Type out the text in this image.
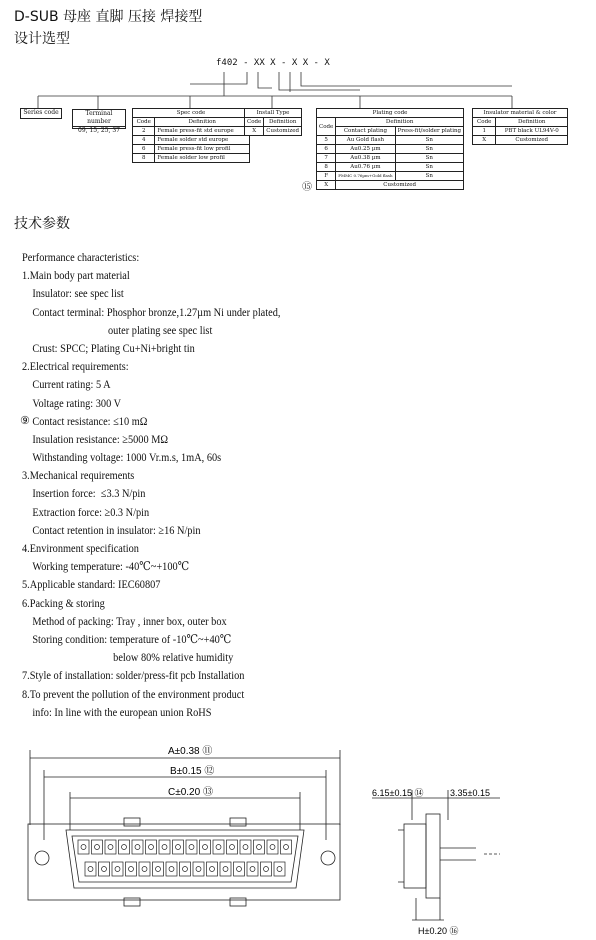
D-SUB 母座 直脚 压接 焊接型
设计选型
f402 - XX X - X X - X
Series code	Terminal number
09, 15, 25, 37
Spec code	
Code	Definition
2	Female press-fit std europe
4	Female solder std europe
6	Female press-fit low profil
8	Female solder low profil
Install Type	
Code	Definition
X	Customized
Plating code		
Code	Definition	
	Contact plating	Press-fit/solder plating
5	Au Gold flash	Sn
6	Au0.25 µm	Sn
7	Au0.38 µm	Sn
8	Au0.76 µm	Sn
F	PMMC 0.76µm+Gold flash	Sn
X	Customized	
⑮
Insulator material & color	
Code	Definition
1	PBT black UL94V-0
X	Customized
技术参数
Performance characteristics:
1.Main body part material
Insulator: see spec list
Contact terminal: Phosphor bronze,1.27µm Ni under plated,
outer plating see spec list
Crust: SPCC; Plating Cu+Ni+bright tin
2.Electrical requirements:
Current rating: 5 A
Voltage rating: 300 V
Contact resistance: ≤10 mΩ
Insulation resistance: ≥5000 MΩ
Withstanding voltage: 1000 Vr.m.s, 1mA, 60s
3.Mechanical requirements
Insertion force:  ≤3.3 N/pin
Extraction force: ≥0.3 N/pin
Contact retention in insulator: ≥16 N/pin
4.Environment specification
Working temperature: -40℃~+100℃
5.Applicable standard: IEC60807
6.Packing & storing
Method of packing: Tray , inner box, outer box
Storing condition: temperature of -10℃~+40℃
below 80% relative humidity
7.Style of installation: solder/press-fit pcb Installation
8.To prevent the pollution of the environment product
info: In line with the european union RoHS
A±0.38 ⑪
B±0.15 ⑫
C±0.20 ⑬	6.15±0.15 ⑭	3.35±0.15
H±0.20 ⑯
⑨
